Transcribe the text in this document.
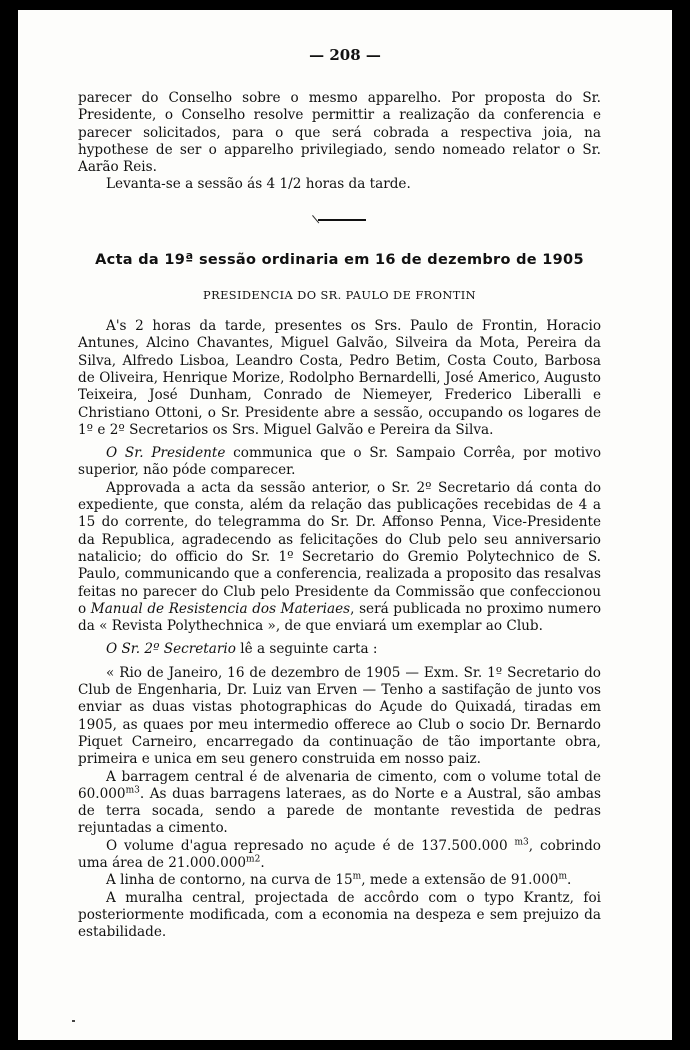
— 208 —

parecer do Conselho sobre o mesmo apparelho. Por proposta do Sr. Presidente, o Conselho resolve permittir a realização da conferencia e parecer solicitados, para o que será cobrada a respectiva joia, na hypothese de ser o apparelho privilegiado, sendo nomeado relator o Sr. Aarão Reis.

Levanta-se a sessão ás 4 1/2 horas da tarde.

Acta da 19ª sessão ordinaria em 16 de dezembro de 1905

PRESIDENCIA DO SR. PAULO DE FRONTIN

A's 2 horas da tarde, presentes os Srs. Paulo de Frontin, Horacio Antunes, Alcino Chavantes, Miguel Galvão, Silveira da Mota, Pereira da Silva, Alfredo Lisboa, Leandro Costa, Pedro Betim, Costa Couto, Barbosa de Oliveira, Henrique Morize, Rodolpho Bernardelli, José Americo, Augusto Teixeira, José Dunham, Conrado de Niemeyer, Frederico Liberalli e Christiano Ottoni, o Sr. Presidente abre a sessão, occupando os logares de 1º e 2º Secretarios os Srs. Miguel Galvão e Pereira da Silva.

O Sr. Presidente communica que o Sr. Sampaio Corrêa, por motivo superior, não póde comparecer.

Approvada a acta da sessão anterior, o Sr. 2º Secretario dá conta do expediente, que consta, além da relação das publicações recebidas de 4 a 15 do corrente, do telegramma do Sr. Dr. Affonso Penna, Vice-Presidente da Republica, agradecendo as felicitações do Club pelo seu anniversario natalicio; do officio do Sr. 1º Secretario do Gremio Polytechnico de S. Paulo, communicando que a conferencia, realizada a proposito das resalvas feitas no parecer do Club pelo Presidente da Commissão que confeccionou o Manual de Resistencia dos Materiaes, será publicada no proximo numero da « Revista Polythechnica », de que enviará um exemplar ao Club.

O Sr. 2º Secretario lê a seguinte carta :

« Rio de Janeiro, 16 de dezembro de 1905 — Exm. Sr. 1º Secretario do Club de Engenharia, Dr. Luiz van Erven — Tenho a sastifação de junto vos enviar as duas vistas photographicas do Açude do Quixadá, tiradas em 1905, as quaes por meu intermedio offerece ao Club o socio Dr. Bernardo Piquet Carneiro, encarregado da continuação de tão importante obra, primeira e unica em seu genero construida em nosso paiz.

A barragem central é de alvenaria de cimento, com o volume total de $60.000^{m3}$. As duas barragens lateraes, as do Norte e a Austral, são ambas de terra socada, sendo a parede de montante revestida de pedras rejuntadas a cimento.

O volume d'agua represado no açude é de 137.500.000 $^{m3}$, cobrindo uma área de $21.000.000^{m2}$.

A linha de contorno, na curva de 15$^m$, mede a extensão de 91.000$^m$.

A muralha central, projectada de accôrdo com o typo Krantz, foi posteriormente modificada, com a economia na despeza e sem prejuizo da estabilidade.
